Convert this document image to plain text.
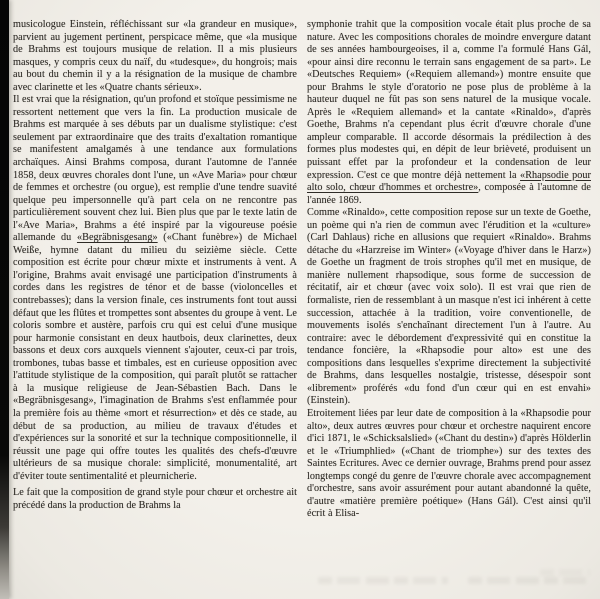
musicologue Einstein, réfléchissant sur «la grandeur en musique», parvient au jugement pertinent, perspicace même, que «la musique de Brahms est toujours musique de relation. Il a mis plusieurs masques, y compris ceux du naïf, du «tudesque», du hongrois; mais au bout du chemin il y a la résignation de la musique de chambre avec clarinette et les «Quatre chants sérieux».

Il est vrai que la résignation, qu'un profond et stoïque pessimisme ne ressortent nettement que vers la fin. La production musicale de Brahms est marquée à ses débuts par un dualisme stylistique: c'est seulement par extraordinaire que des traits d'exaltation romantique se manifestent amalgamés à une tendance aux formulations archaïques. Ainsi Brahms composa, durant l'automne de l'année 1858, deux œuvres chorales dont l'une, un «Ave Maria» pour chœur de femmes et orchestre (ou orgue), est remplie d'une tendre suavité quelque peu impersonnelle qu'à part cela on ne rencontre pas particulièrement souvent chez lui. Bien plus que par le texte latin de l'«Ave Maria», Brahms a été inspiré par la vigoureuse poésie allemande du «Begräbnisgesang» («Chant funèbre») de Michael Weiße, hymne datant du milieu du seizième siècle. Cette composition est écrite pour chœur mixte et instruments à vent. A l'origine, Brahms avait envisagé une participation d'instruments à cordes dans les registres de ténor et de basse (violoncelles et contrebasses); dans la version finale, ces instruments font tout aussi défaut que les flûtes et trompettes sont absentes du groupe à vent. Le coloris sombre et austère, parfois cru qui est celui d'une musique pour harmonie consistant en deux hautbois, deux clarinettes, deux bassons et deux cors auxquels viennent s'ajouter, ceux-ci par trois, trombones, tubas basse et timbales, est en curieuse opposition avec l'attitude stylistique de la composition, qui paraît plutôt se rattacher à la musique religieuse de Jean-Sébastien Bach. Dans le «Begräbnisgesang», l'imagination de Brahms s'est enflammée pour la première fois au thème «mort et résurrection» et dès ce stade, au début de sa production, au milieu de travaux d'études et d'expériences sur la sonorité et sur la technique compositionnelle, il réussit une page qui offre toutes les qualités des chefs-d'œuvre ultérieurs de sa musique chorale: simplicité, monumentalité, art d'éviter toute sentimentalité et pleurnicherie.

Le fait que la composition de grand style pour chœur et orchestre ait précédé dans la production de Brahms la

symphonie trahit que la composition vocale était plus proche de sa nature. Avec les compositions chorales de moindre envergure datant de ses années hambourgeoises, il a, comme l'a formulé Hans Gál, «pour ainsi dire reconnu le terrain sans engagement de sa part». Le «Deutsches Requiem» («Requiem allemand») montre ensuite que pour Brahms le style d'oratorio ne pose plus de problème à la hauteur duquel ne fût pas son sens naturel de la musique vocale. Après le «Requiem allemand» et la cantate «Rinaldo», d'après Goethe, Brahms n'a cependant plus écrit d'œuvre chorale d'une ampleur comparable. Il accorde désormais la prédilection à des formes plus modestes qui, en dépit de leur brièveté, produisent un puissant effet par la profondeur et la condensation de leur expression. C'est ce que montre déjà nettement la «Rhapsodie pour alto solo, chœur d'hommes et orchestre», composée à l'automne de l'année 1869.

Comme «Rinaldo», cette composition repose sur un texte de Goethe, un poème qui n'a rien de commun avec l'érudition et la «culture» (Carl Dahlaus) riche en allusions que requiert «Rinaldo». Brahms détache du «Harzreise im Winter» («Voyage d'hiver dans le Harz») de Goethe un fragment de trois strophes qu'il met en musique, de manière nullement rhapsodique, sous forme de succession de récitatif, air et chœur (avec voix solo). Il est vrai que rien de formaliste, rien de ressemblant à un masque n'est ici inhérent à cette succession, attachée à la tradition, voire conventionelle, de mouvements isolés s'enchaînant directement l'un à l'autre. Au contraire: avec le débordement d'expressivité qui en constitue la tendance foncière, la «Rhapsodie pour alto» est une des compositions dans lesquelles s'exprime directement la subjectivité de Brahms, dans lesquelles nostalgie, tristesse, désespoir sont «librement» proférés «du fond d'un cœur qui en est envahi» (Einstein).

Etroitement liées par leur date de composition à la «Rhapsodie pour alto», deux autres œuvres pour chœur et orchestre naquirent encore d'ici 1871, le «Schicksalslied» («Chant du destin») d'après Hölderlin et le «Triumphlied» («Chant de triomphe») sur des textes des Saintes Ecritures. Avec ce dernier ouvrage, Brahms prend pour assez longtemps congé du genre de l'œuvre chorale avec accompagnement d'orchestre, sans avoir assurément pour autant abandonné la quête, d'autre «matière première poétique» (Hans Gál). C'est ainsi qu'il écrit à Elisa-
